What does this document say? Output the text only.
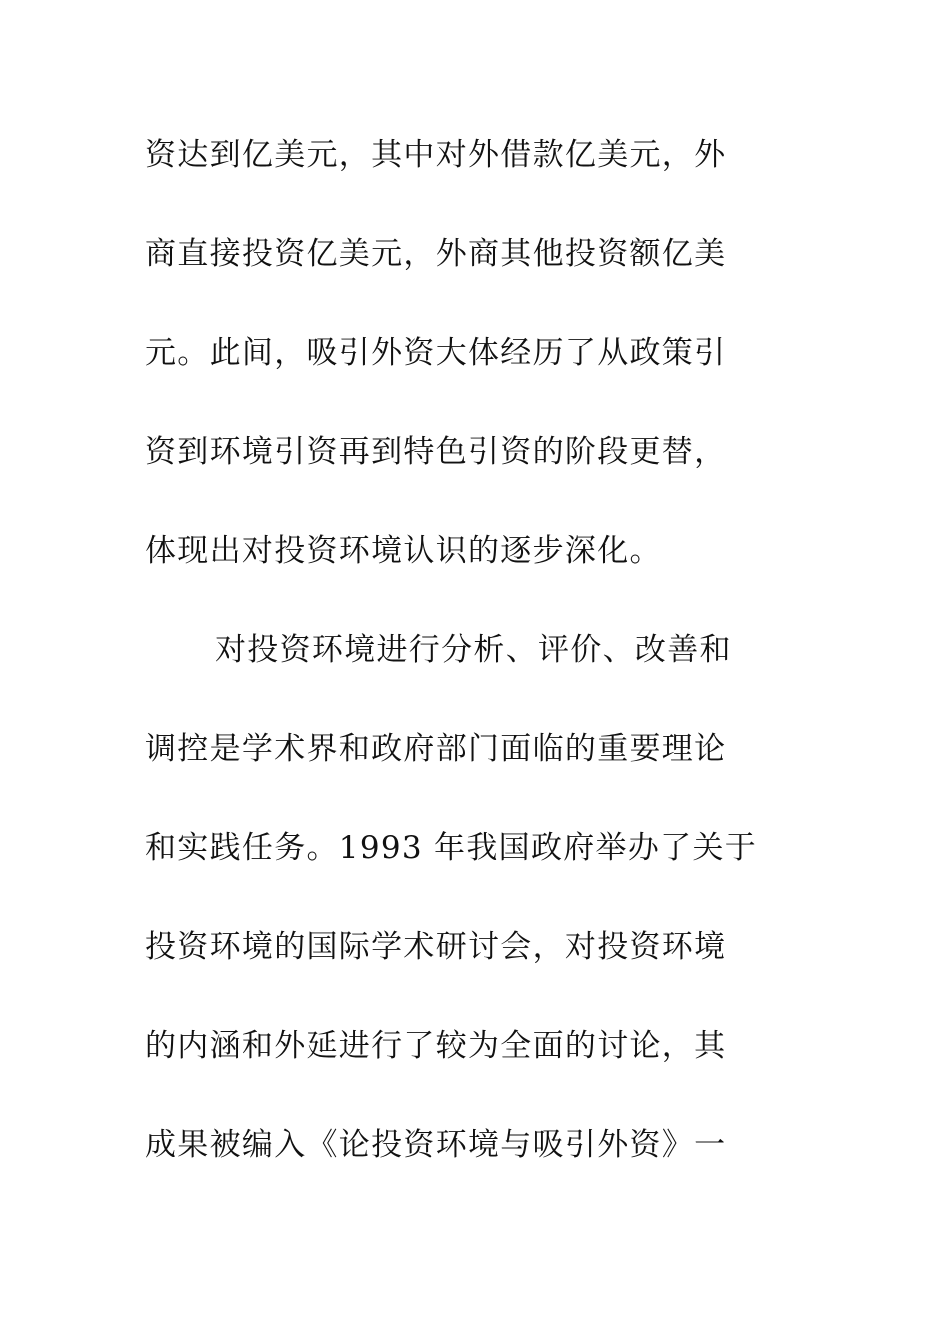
资达到亿美元，其中对外借款亿美元，外
商直接投资亿美元，外商其他投资额亿美
元。此间，吸引外资大体经历了从政策引
资到环境引资再到特色引资的阶段更替，
体现出对投资环境认识的逐步深化。
对投资环境进行分析、评价、改善和
调控是学术界和政府部门面临的重要理论
和实践任务。1993 年我国政府举办了关于
投资环境的国际学术研讨会，对投资环境
的内涵和外延进行了较为全面的讨论，其
成果被编入《论投资环境与吸引外资》一
